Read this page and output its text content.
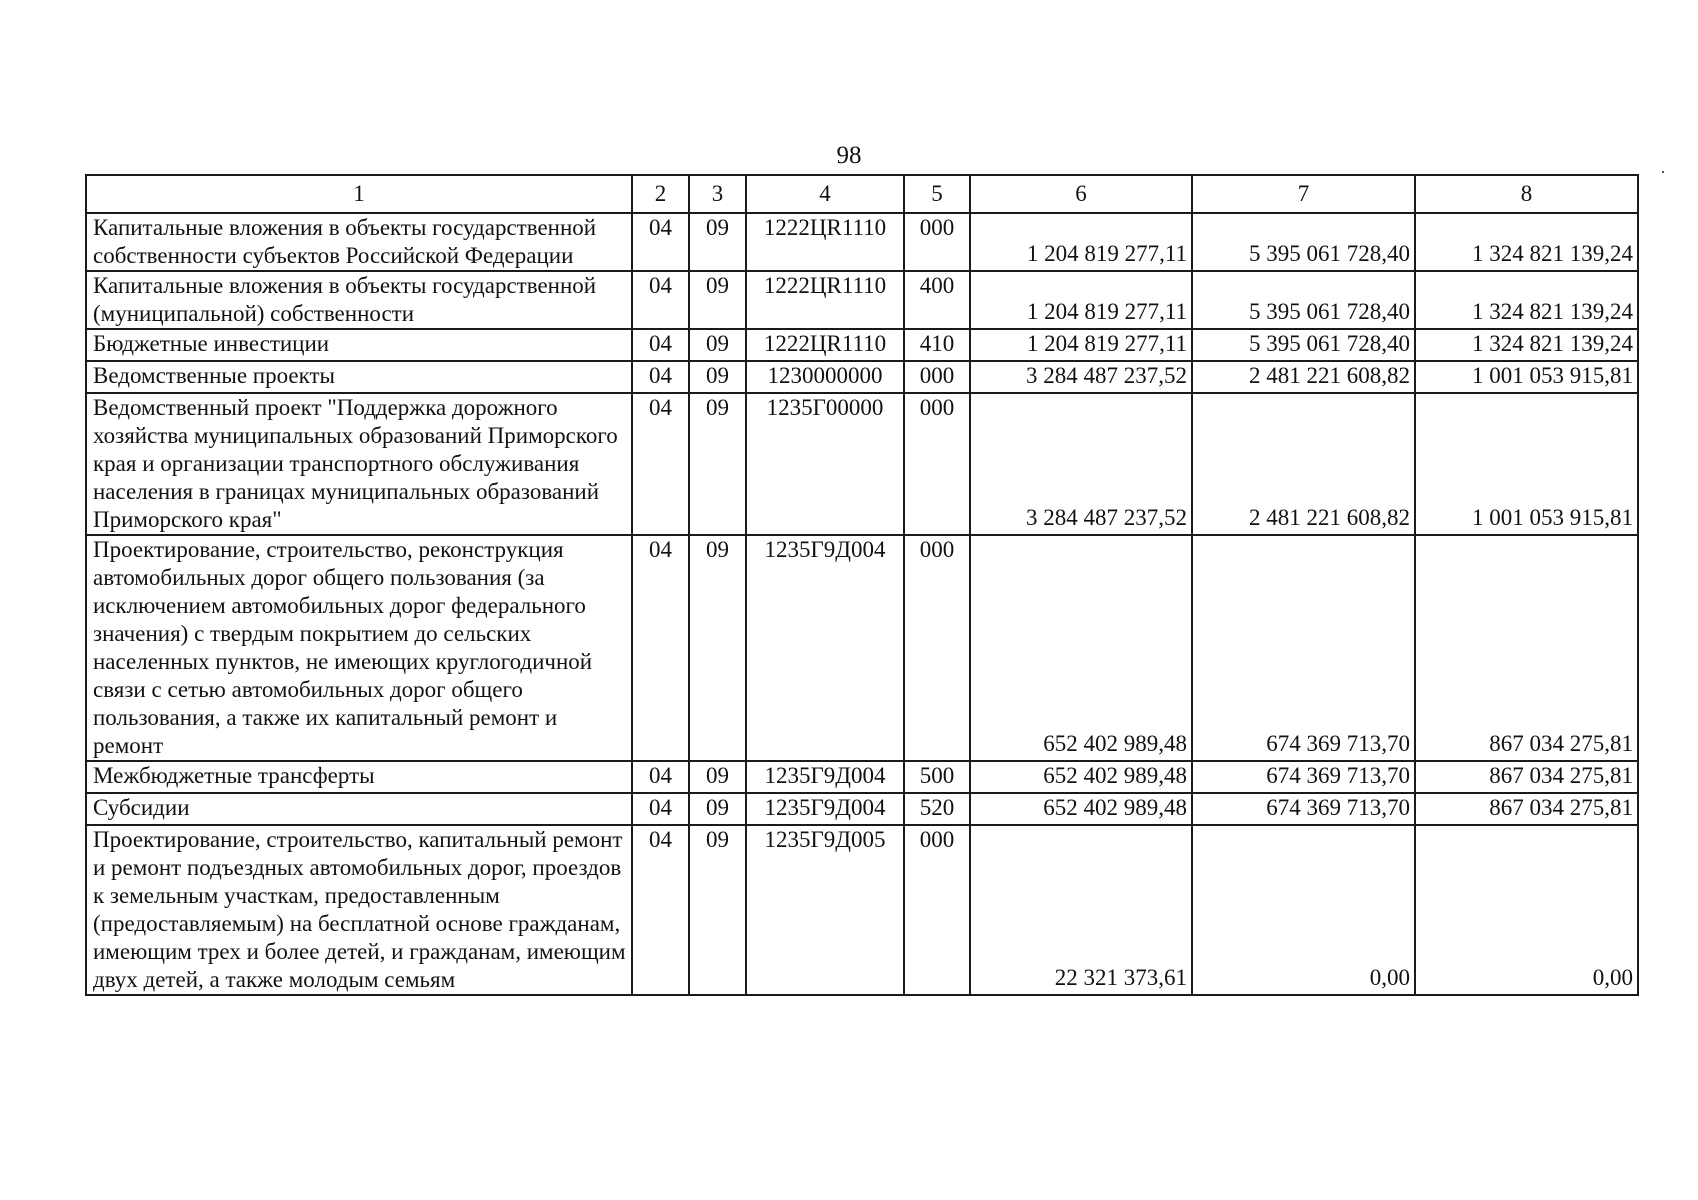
98
1	2	3	4	5	6	7	8
Капитальные вложения в объекты государственной собственности субъектов Российской Федерации	04	09	1222ЦR1110	000	1 204 819 277,11	5 395 061 728,40	1 324 821 139,24
Капитальные вложения в объекты государственной (муниципальной) собственности	04	09	1222ЦR1110	400	1 204 819 277,11	5 395 061 728,40	1 324 821 139,24
Бюджетные инвестиции	04	09	1222ЦR1110	410	1 204 819 277,11	5 395 061 728,40	1 324 821 139,24
Ведомственные проекты	04	09	1230000000	000	3 284 487 237,52	2 481 221 608,82	1 001 053 915,81
Ведомственный проект "Поддержка дорожного хозяйства муниципальных образований Приморского края и организации транспортного обслуживания населения в границах муниципальных образований Приморского края"	04	09	1235Г00000	000	3 284 487 237,52	2 481 221 608,82	1 001 053 915,81
Проектирование, строительство, реконструкция автомобильных дорог общего пользования (за исключением автомобильных дорог федерального значения) с твердым покрытием до сельских населенных пунктов, не имеющих круглогодичной связи с сетью автомобильных дорог общего пользования, а также их капитальный ремонт и ремонт	04	09	1235Г9Д004	000	652 402 989,48	674 369 713,70	867 034 275,81
Межбюджетные трансферты	04	09	1235Г9Д004	500	652 402 989,48	674 369 713,70	867 034 275,81
Субсидии	04	09	1235Г9Д004	520	652 402 989,48	674 369 713,70	867 034 275,81
Проектирование, строительство, капитальный ремонт и ремонт подъездных автомобильных дорог, проездов к земельным участкам, предоставленным (предоставляемым) на бесплатной основе гражданам, имеющим трех и более детей, и гражданам, имеющим двух детей, а также молодым семьям	04	09	1235Г9Д005	000	22 321 373,61	0,00	0,00
